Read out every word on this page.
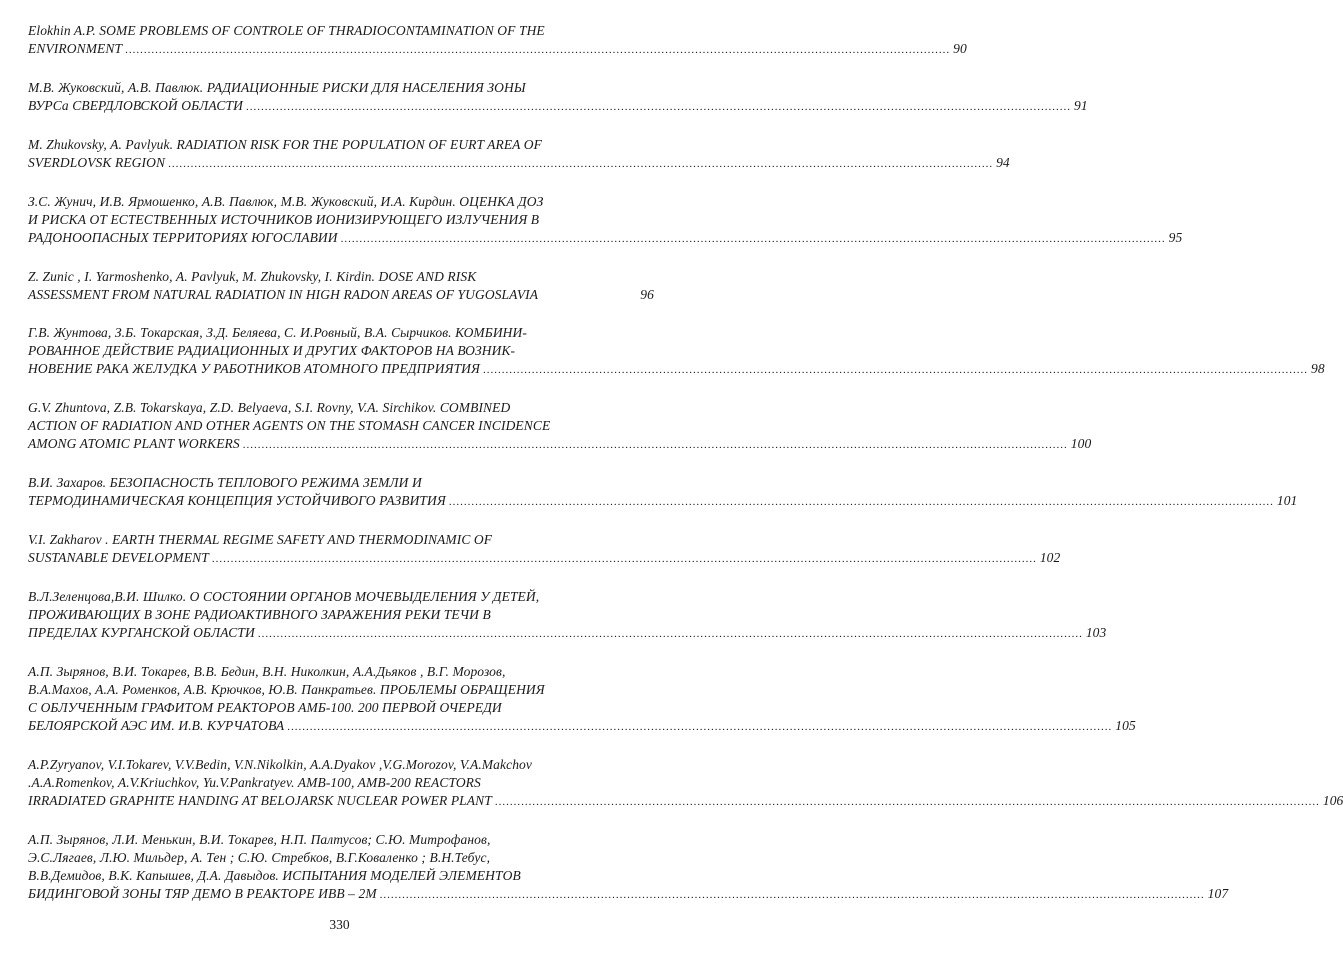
Elokhin A.P. SOME PROBLEMS OF CONTROLE OF THRADIOCONTAMINATION OF THE
ENVIRONMENT ............................................................................................................................................................................................................................ 90
М.В. Жуковский, А.В. Павлюк. РАДИАЦИОННЫЕ РИСКИ ДЛЯ НАСЕЛЕНИЯ ЗОНЫ
ВУРСа СВЕРДЛОВСКОЙ ОБЛАСТИ ............................................................................................................................................................................................................................ 91
M. Zhukovsky, A. Pavlyuk. RADIATION RISK FOR THE POPULATION OF EURT AREA OF
SVERDLOVSK REGION ............................................................................................................................................................................................................................ 94
З.С. Жунич, И.В. Ярмошенко, А.В. Павлюк, М.В. Жуковский, И.А. Кирдин. ОЦЕНКА ДОЗ
И РИСКА ОТ ЕСТЕСТВЕННЫХ ИСТОЧНИКОВ ИОНИЗИРУЮЩЕГО ИЗЛУЧЕНИЯ В
РАДОНООПАСНЫХ ТЕРРИТОРИЯХ ЮГОСЛАВИИ ............................................................................................................................................................................................................................ 95
Z. Zunic , I. Yarmoshenko, A. Pavlyuk, M. Zhukovsky, I. Kirdin. DOSE AND RISK
ASSESSMENT FROM NATURAL RADIATION IN HIGH RADON AREAS OF YUGOSLAVIA	96
Г.В. Жунтова, З.Б. Токарская, З.Д. Беляева, С. И.Ровный, В.А. Сырчиков. КОМБИНИ-
РОВАННОЕ ДЕЙСТВИЕ РАДИАЦИОННЫХ И ДРУГИХ ФАКТОРОВ НА ВОЗНИК-
НОВЕНИЕ РАКА ЖЕЛУДКА У РАБОТНИКОВ АТОМНОГО ПРЕДПРИЯТИЯ ............................................................................................................................................................................................................................ 98
G.V. Zhuntova, Z.B. Tokarskaya, Z.D. Belyaeva, S.I. Rovny, V.A. Sirchikov. COMBINED
ACTION OF RADIATION AND OTHER AGENTS ON THE STOMASH CANCER INCIDENCE
AMONG ATOMIC PLANT WORKERS ............................................................................................................................................................................................................................ 100
В.И. Захаров. БЕЗОПАСНОСТЬ ТЕПЛОВОГО РЕЖИМА ЗЕМЛИ И
ТЕРМОДИНАМИЧЕСКАЯ КОНЦЕПЦИЯ УСТОЙЧИВОГО РАЗВИТИЯ ............................................................................................................................................................................................................................ 101
V.I. Zakharov . EARTH THERMAL REGIME SAFETY AND THERMODINAMIC OF
SUSTANABLE DEVELOPMENT ............................................................................................................................................................................................................................ 102
В.Л.Зеленцова,В.И. Шилко. О СОСТОЯНИИ ОРГАНОВ МОЧЕВЫДЕЛЕНИЯ У ДЕТЕЙ,
ПРОЖИВАЮЩИХ В ЗОНЕ РАДИОАКТИВНОГО ЗАРАЖЕНИЯ РЕКИ ТЕЧИ В
ПРЕДЕЛАХ КУРГАНСКОЙ ОБЛАСТИ ............................................................................................................................................................................................................................ 103
А.П. Зырянов, В.И. Токарев, В.В. Бедин, В.Н. Николкин, А.А.Дьяков , В.Г. Морозов,
В.А.Махов, А.А. Роменков, А.В. Крючков, Ю.В. Панкратьев. ПРОБЛЕМЫ ОБРАЩЕНИЯ
С ОБЛУЧЕННЫМ ГРАФИТОМ РЕАКТОРОВ АМБ-100. 200 ПЕРВОЙ ОЧЕРЕДИ
БЕЛОЯРСКОЙ АЭС ИМ. И.В. КУРЧАТОВА ............................................................................................................................................................................................................................ 105
A.P.Zyryanov, V.I.Tokarev, V.V.Bedin, V.N.Nikolkin, A.A.Dyakov ,V.G.Morozov, V.A.Makchov
.A.A.Romenkov, A.V.Kriuchkov, Yu.V.Pankratyev. AMB-100, AMB-200 REACTORS
IRRADIATED GRAPHITE HANDING AT BELOJARSK NUCLEAR POWER PLANT ............................................................................................................................................................................................................................ 106
А.П. Зырянов, Л.И. Менькин, В.И. Токарев, Н.П. Палтусов; С.Ю. Митрофанов,
Э.С.Лягаев, Л.Ю. Мильдер, А. Тен ; С.Ю. Стребков, В.Г.Коваленко ; В.Н.Тебус,
В.В.Демидов, В.К. Капышев, Д.А. Давыдов. ИСПЫТАНИЯ МОДЕЛЕЙ ЭЛЕМЕНТОВ
БИДИНГОВОЙ ЗОНЫ ТЯР ДЕМО В РЕАКТОРЕ ИВВ – 2М ............................................................................................................................................................................................................................ 107
330
